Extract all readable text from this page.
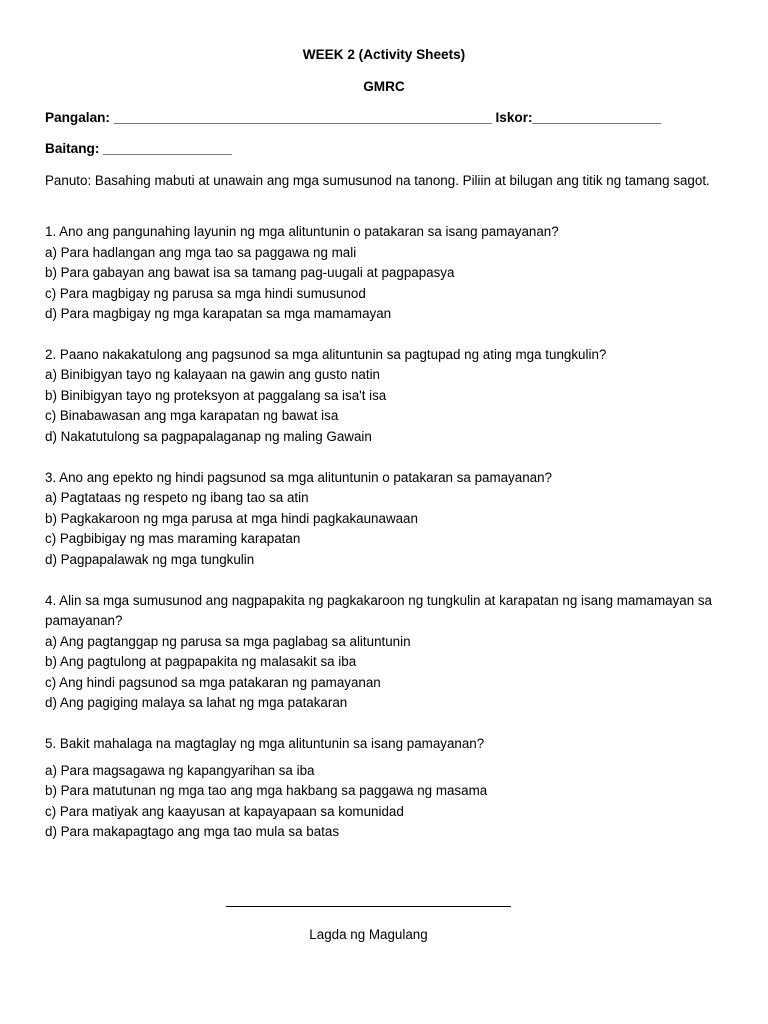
WEEK 2 (Activity Sheets)
GMRC
Pangalan: __________________________________________________ Iskor:_________________
Baitang: _________________
Panuto: Basahing mabuti at unawain ang mga sumusunod na tanong. Piliin at bilugan ang titik ng tamang sagot.
1. Ano ang pangunahing layunin ng mga alituntunin o patakaran sa isang pamayanan?
a) Para hadlangan ang mga tao sa paggawa ng mali
b) Para gabayan ang bawat isa sa tamang pag-uugali at pagpapasya
c) Para magbigay ng parusa sa mga hindi sumusunod
d) Para magbigay ng mga karapatan sa mga mamamayan
2. Paano nakakatulong ang pagsunod sa mga alituntunin sa pagtupad ng ating mga tungkulin?
a) Binibigyan tayo ng kalayaan na gawin ang gusto natin
b) Binibigyan tayo ng proteksyon at paggalang sa isa't isa
c) Binabawasan ang mga karapatan ng bawat isa
d) Nakatutulong sa pagpapalaganap ng maling Gawain
3. Ano ang epekto ng hindi pagsunod sa mga alituntunin o patakaran sa pamayanan?
a) Pagtataas ng respeto ng ibang tao sa atin
b) Pagkakaroon ng mga parusa at mga hindi pagkakaunawaan
c) Pagbibigay ng mas maraming karapatan
d) Pagpapalawak ng mga tungkulin
4. Alin sa mga sumusunod ang nagpapakita ng pagkakaroon ng tungkulin at karapatan ng isang mamamayan sa pamayanan?
a) Ang pagtanggap ng parusa sa mga paglabag sa alituntunin
b) Ang pagtulong at pagpapakita ng malasakit sa iba
c) Ang hindi pagsunod sa mga patakaran ng pamayanan
d) Ang pagiging malaya sa lahat ng mga patakaran
5. Bakit mahalaga na magtaglay ng mga alituntunin sa isang pamayanan?
a) Para magsagawa ng kapangyarihan sa iba
b) Para matutunan ng mga tao ang mga hakbang sa paggawa ng masama
c) Para matiyak ang kaayusan at kapayapaan sa komunidad
d) Para makapagtago ang mga tao mula sa batas
Lagda ng Magulang
